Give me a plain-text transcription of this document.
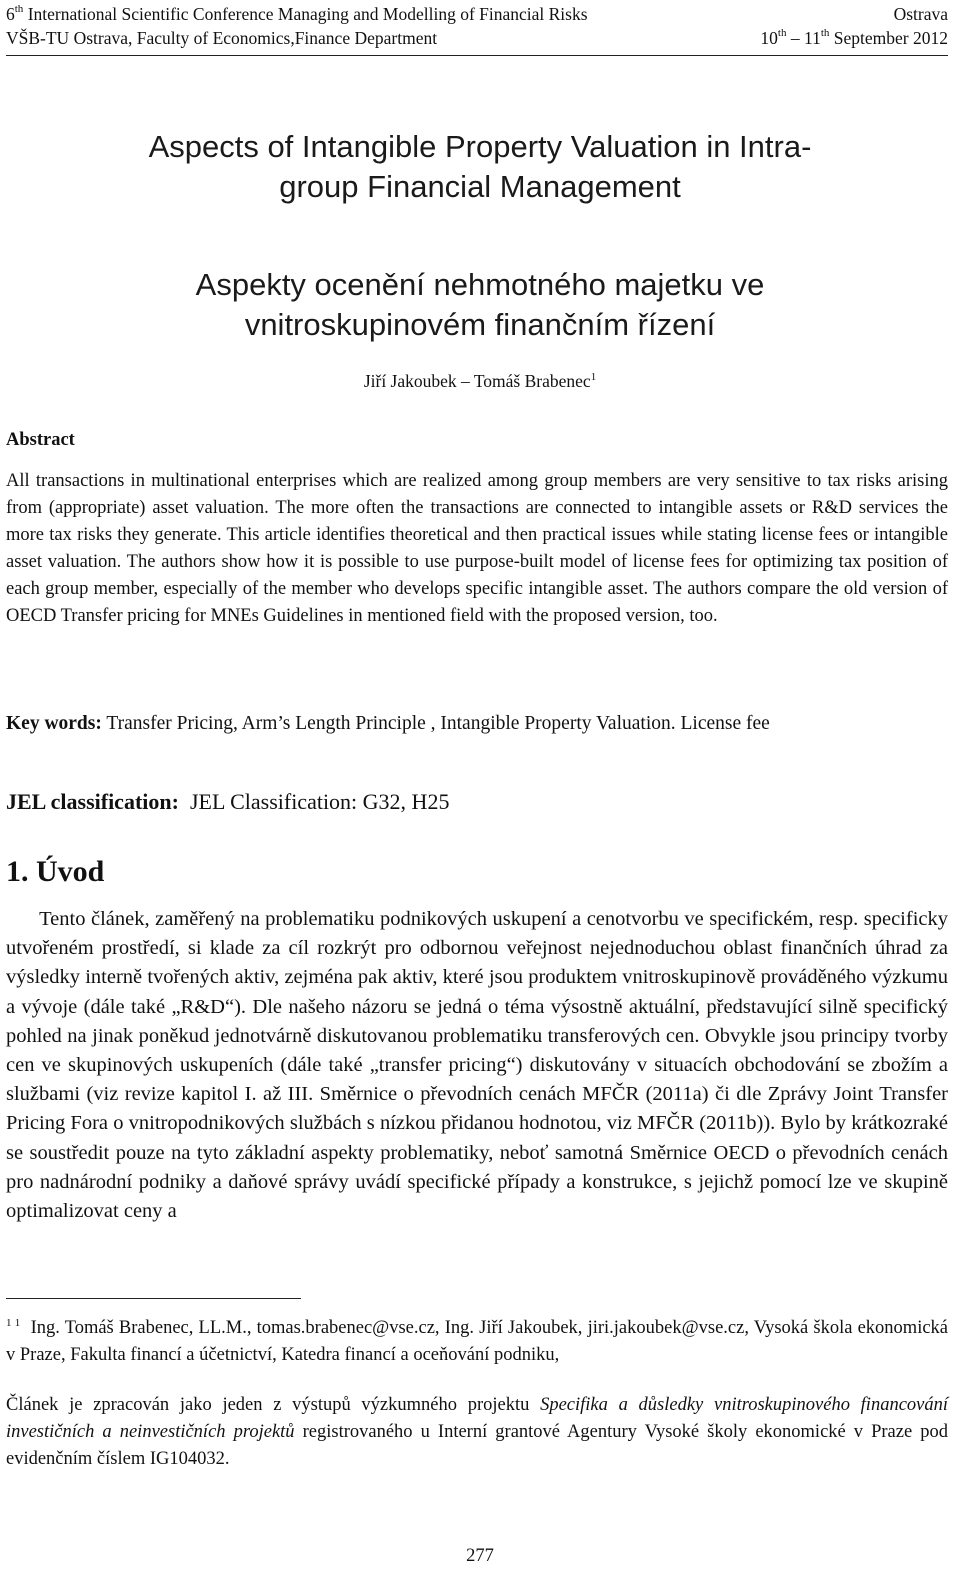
6th International Scientific Conference Managing and Modelling of Financial Risks	Ostrava
VŠB-TU Ostrava, Faculty of Economics,Finance Department	10th – 11th September 2012
Aspects of Intangible Property Valuation in Intra-
group Financial Management
Aspekty ocenění nehmotného majetku ve
vnitroskupinovém finančním řízení
Jiří Jakoubek – Tomáš Brabenec$^1$
Abstract
All transactions in multinational enterprises which are realized among group members are very sensitive to tax risks arising from (appropriate) asset valuation. The more often the transactions are connected to intangible assets or R&D services the more tax risks they generate. This article identifies theoretical and then practical issues while stating license fees or intangible asset valuation. The authors show how it is possible to use purpose-built model of license fees for optimizing tax position of each group member, especially of the member who develops specific intangible asset. The authors compare the old version of OECD Transfer pricing for MNEs Guidelines in mentioned field with the proposed version, too.
Key words: Transfer Pricing, Arm’s Length Principle , Intangible Property Valuation. License fee
JEL classification: JEL Classification: G32, H25
1. Úvod
Tento článek, zaměřený na problematiku podnikových uskupení a cenotvorbu ve specifickém, resp. specificky utvořeném prostředí, si klade za cíl rozkrýt pro odbornou veřejnost nejednoduchou oblast finančních úhrad za výsledky interně tvořených aktiv, zejména pak aktiv, které jsou produktem vnitroskupinově prováděného výzkumu a vývoje (dále také „R&D“). Dle našeho názoru se jedná o téma výsostně aktuální, představující silně specifický pohled na jinak poněkud jednotvárně diskutovanou problematiku transferových cen. Obvykle jsou principy tvorby cen ve skupinových uskupeních (dále také „transfer pricing“) diskutovány v situacích obchodování se zbožím a službami (viz revize kapitol I. až III. Směrnice o převodních cenách MFČR (2011a) či dle Zprávy Joint Transfer Pricing Fora o vnitropodnikových službách s nízkou přidanou hodnotou, viz MFČR (2011b)). Bylo by krátkozraké se soustředit pouze na tyto základní aspekty problematiky, neboť samotná Směrnice OECD o převodních cenách pro nadnárodní podniky a daňové správy uvádí specifické případy a konstrukce, s jejichž pomocí lze ve skupině optimalizovat ceny a
$^{1 1}$ Ing. Tomáš Brabenec, LL.M., tomas.brabenec@vse.cz, Ing. Jiří Jakoubek, jiri.jakoubek@vse.cz, Vysoká škola ekonomická v Praze, Fakulta financí a účetnictví, Katedra financí a oceňování podniku,
Článek je zpracován jako jeden z výstupů výzkumného projektu Specifika a důsledky vnitroskupinového financování investičních a neinvestičních projektů registrovaného u Interní grantové Agentury Vysoké školy ekonomické v Praze pod evidenčním číslem IG104032.
277
